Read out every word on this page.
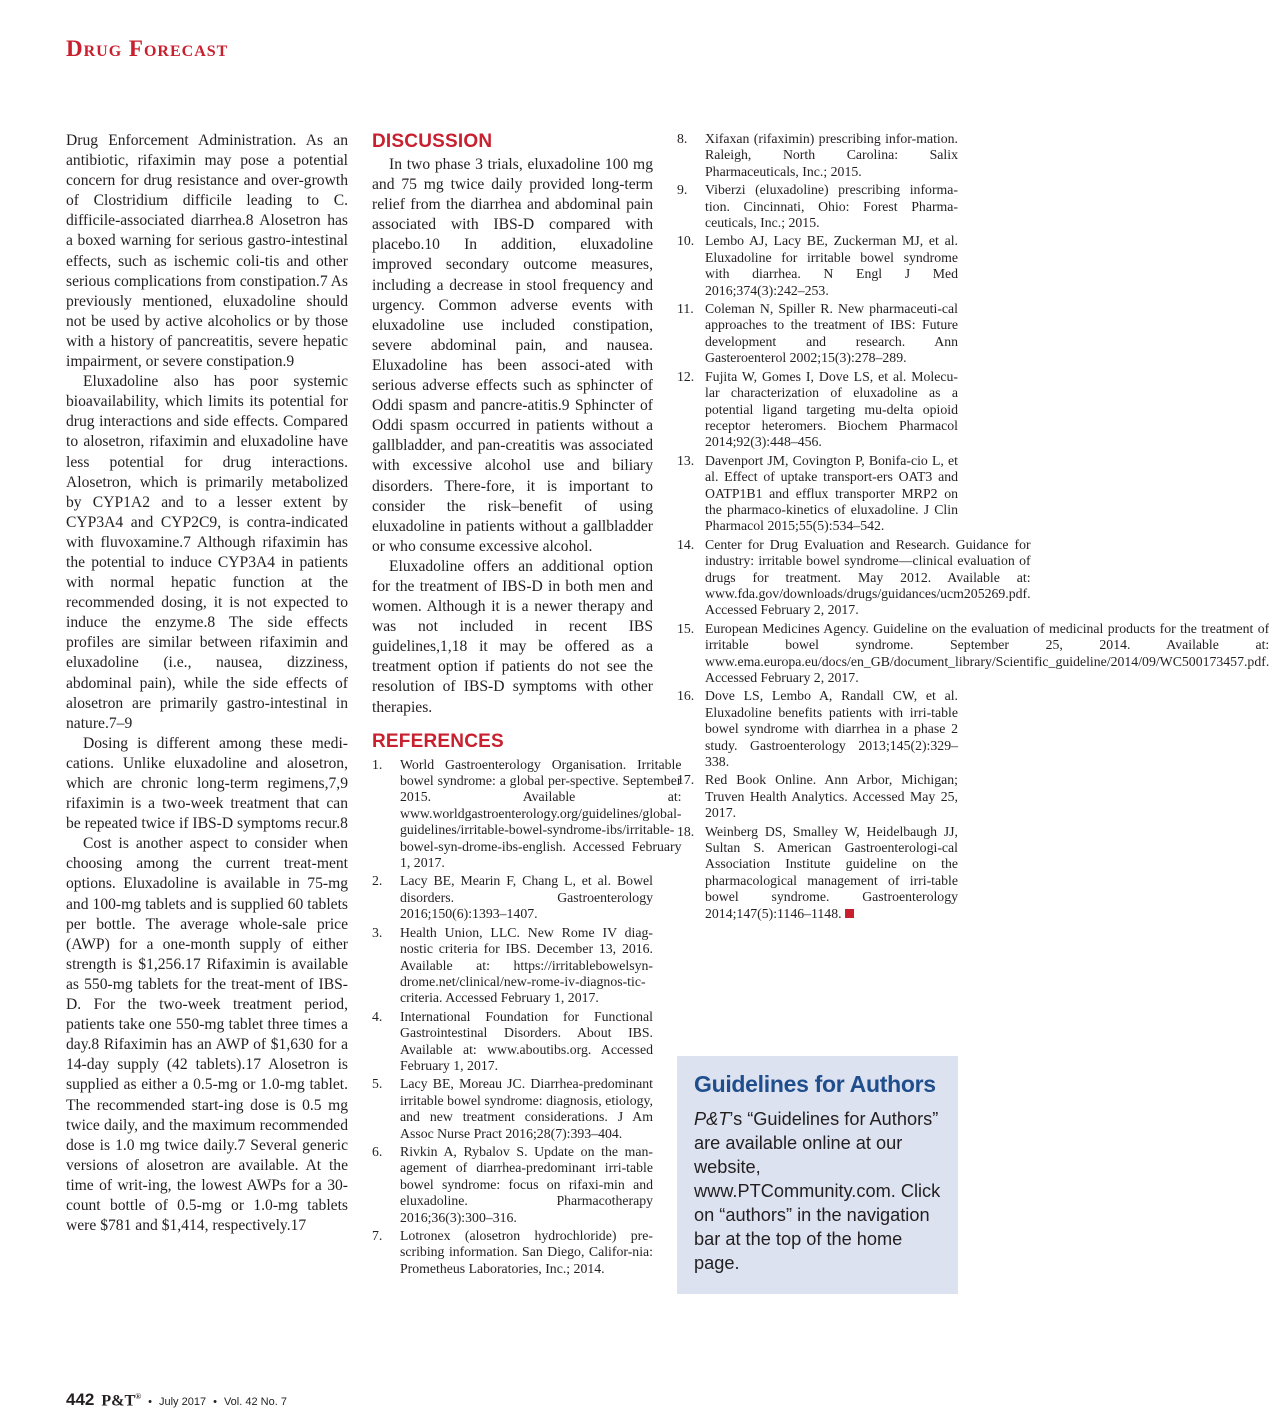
Drug Forecast

Drug Enforcement Administration. As an antibiotic, rifaximin may pose a potential concern for drug resistance and over-growth of Clostridium difficile leading to C. difficile-associated diarrhea.8 Alosetron has a boxed warning for serious gastro-intestinal effects, such as ischemic coli-tis and other serious complications from constipation.7 As previously mentioned, eluxadoline should not be used by active alcoholics or by those with a history of pancreatitis, severe hepatic impairment, or severe constipation.9

Eluxadoline also has poor systemic bioavailability, which limits its potential for drug interactions and side effects. Compared to alosetron, rifaximin and eluxadoline have less potential for drug interactions. Alosetron, which is primarily metabolized by CYP1A2 and to a lesser extent by CYP3A4 and CYP2C9, is contra-indicated with fluvoxamine.7 Although rifaximin has the potential to induce CYP3A4 in patients with normal hepatic function at the recommended dosing, it is not expected to induce the enzyme.8 The side effects profiles are similar between rifaximin and eluxadoline (i.e., nausea, dizziness, abdominal pain), while the side effects of alosetron are primarily gastro-intestinal in nature.7–9

Dosing is different among these medi-cations. Unlike eluxadoline and alosetron, which are chronic long-term regimens,7,9 rifaximin is a two-week treatment that can be repeated twice if IBS-D symptoms recur.8

Cost is another aspect to consider when choosing among the current treat-ment options. Eluxadoline is available in 75-mg and 100-mg tablets and is supplied 60 tablets per bottle. The average whole-sale price (AWP) for a one-month supply of either strength is $1,256.17 Rifaximin is available as 550-mg tablets for the treat-ment of IBS-D. For the two-week treatment period, patients take one 550-mg tablet three times a day.8 Rifaximin has an AWP of $1,630 for a 14-day supply (42 tablets).17 Alosetron is supplied as either a 0.5-mg or 1.0-mg tablet. The recommended start-ing dose is 0.5 mg twice daily, and the maximum recommended dose is 1.0 mg twice daily.7 Several generic versions of alosetron are available. At the time of writ-ing, the lowest AWPs for a 30-count bottle of 0.5-mg or 1.0-mg tablets were $781 and $1,414, respectively.17

DISCUSSION

In two phase 3 trials, eluxadoline 100 mg and 75 mg twice daily provided long-term relief from the diarrhea and abdominal pain associated with IBS-D compared with placebo.10 In addition, eluxadoline improved secondary outcome measures, including a decrease in stool frequency and urgency. Common adverse events with eluxadoline use included constipation, severe abdominal pain, and nausea. Eluxadoline has been associ-ated with serious adverse effects such as sphincter of Oddi spasm and pancre-atitis.9 Sphincter of Oddi spasm occurred in patients without a gallbladder, and pan-creatitis was associated with excessive alcohol use and biliary disorders. There-fore, it is important to consider the risk–benefit of using eluxadoline in patients without a gallbladder or who consume excessive alcohol.

Eluxadoline offers an additional option for the treatment of IBS-D in both men and women. Although it is a newer therapy and was not included in recent IBS guidelines,1,18 it may be offered as a treatment option if patients do not see the resolution of IBS-D symptoms with other therapies.

REFERENCES
1.	World Gastroenterology Organisation. Irritable bowel syndrome: a global per-spective. September 2015. Available at: www.worldgastroenterology.org/guidelines/global-guidelines/irritable-bowel-syndrome-ibs/irritable-bowel-syn-drome-ibs-english. Accessed February 1, 2017.
2.	Lacy BE, Mearin F, Chang L, et al. Bowel disorders. Gastroenterology 2016;150(6):1393–1407.
3.	Health Union, LLC. New Rome IV diag-nostic criteria for IBS. December 13, 2016. Available at: https://irritablebowelsyn-drome.net/clinical/new-rome-iv-diagnos-tic-criteria. Accessed February 1, 2017.
4.	International Foundation for Functional Gastrointestinal Disorders. About IBS. Available at: www.aboutibs.org. Accessed February 1, 2017.
5.	Lacy BE, Moreau JC. Diarrhea-predominant irritable bowel syndrome: diagnosis, etiology, and new treatment considerations. J Am Assoc Nurse Pract 2016;28(7):393–404.
6.	Rivkin A, Rybalov S. Update on the man-agement of diarrhea-predominant irri-table bowel syndrome: focus on rifaxi-min and eluxadoline. Pharmacotherapy 2016;36(3):300–316.
7.	Lotronex (alosetron hydrochloride) pre-scribing information. San Diego, Califor-nia: Prometheus Laboratories, Inc.; 2014.
8.	Xifaxan (rifaximin) prescribing infor-mation. Raleigh, North Carolina: Salix Pharmaceuticals, Inc.; 2015.
9.	Viberzi (eluxadoline) prescribing informa-tion. Cincinnati, Ohio: Forest Pharma-ceuticals, Inc.; 2015.
10. Lembo AJ, Lacy BE, Zuckerman MJ, et al. Eluxadoline for irritable bowel syndrome with diarrhea. N Engl J Med 2016;374(3):242–253.
11. Coleman N, Spiller R. New pharmaceuti-cal approaches to the treatment of IBS: Future development and research. Ann Gasteroenterol 2002;15(3):278–289.
12. Fujita W, Gomes I, Dove LS, et al. Molecu-lar characterization of eluxadoline as a potential ligand targeting mu-delta opioid receptor heteromers. Biochem Pharmacol 2014;92(3):448–456.
13. Davenport JM, Covington P, Bonifa-cio L, et al. Effect of uptake transport-ers OAT3 and OATP1B1 and efflux transporter MRP2 on the pharmaco-kinetics of eluxadoline. J Clin Pharmacol 2015;55(5):534–542.
14. Center for Drug Evaluation and Research. Guidance for industry: irritable bowel syndrome—clinical evaluation of drugs for treatment. May 2012. Available at: www.fda.gov/downloads/drugs/guidances/ucm205269.pdf. Accessed February 2, 2017.
15. European Medicines Agency. Guideline on the evaluation of medicinal products for the treatment of irritable bowel syndrome. September 25, 2014. Available at: www.ema.europa.eu/docs/en_GB/document_library/Scientific_guideline/2014/09/WC500173457.pdf. Accessed February 2, 2017.
16. Dove LS, Lembo A, Randall CW, et al. Eluxadoline benefits patients with irri-table bowel syndrome with diarrhea in a phase 2 study. Gastroenterology 2013;145(2):329–338.
17. Red Book Online. Ann Arbor, Michigan; Truven Health Analytics. Accessed May 25, 2017.
18. Weinberg DS, Smalley W, Heidelbaugh JJ, Sultan S. American Gastroenterologi-cal Association Institute guideline on the pharmacological management of irri-table bowel syndrome. Gastroenterology 2014;147(5):1146–1148.
Guidelines for Authors

P&T’s “Guidelines for Authors” are available online at our website, www.PTCommunity.com. Click on “authors” in the navigation bar at the top of the home page.

442 P&T® • July 2017 • Vol. 42 No. 7
